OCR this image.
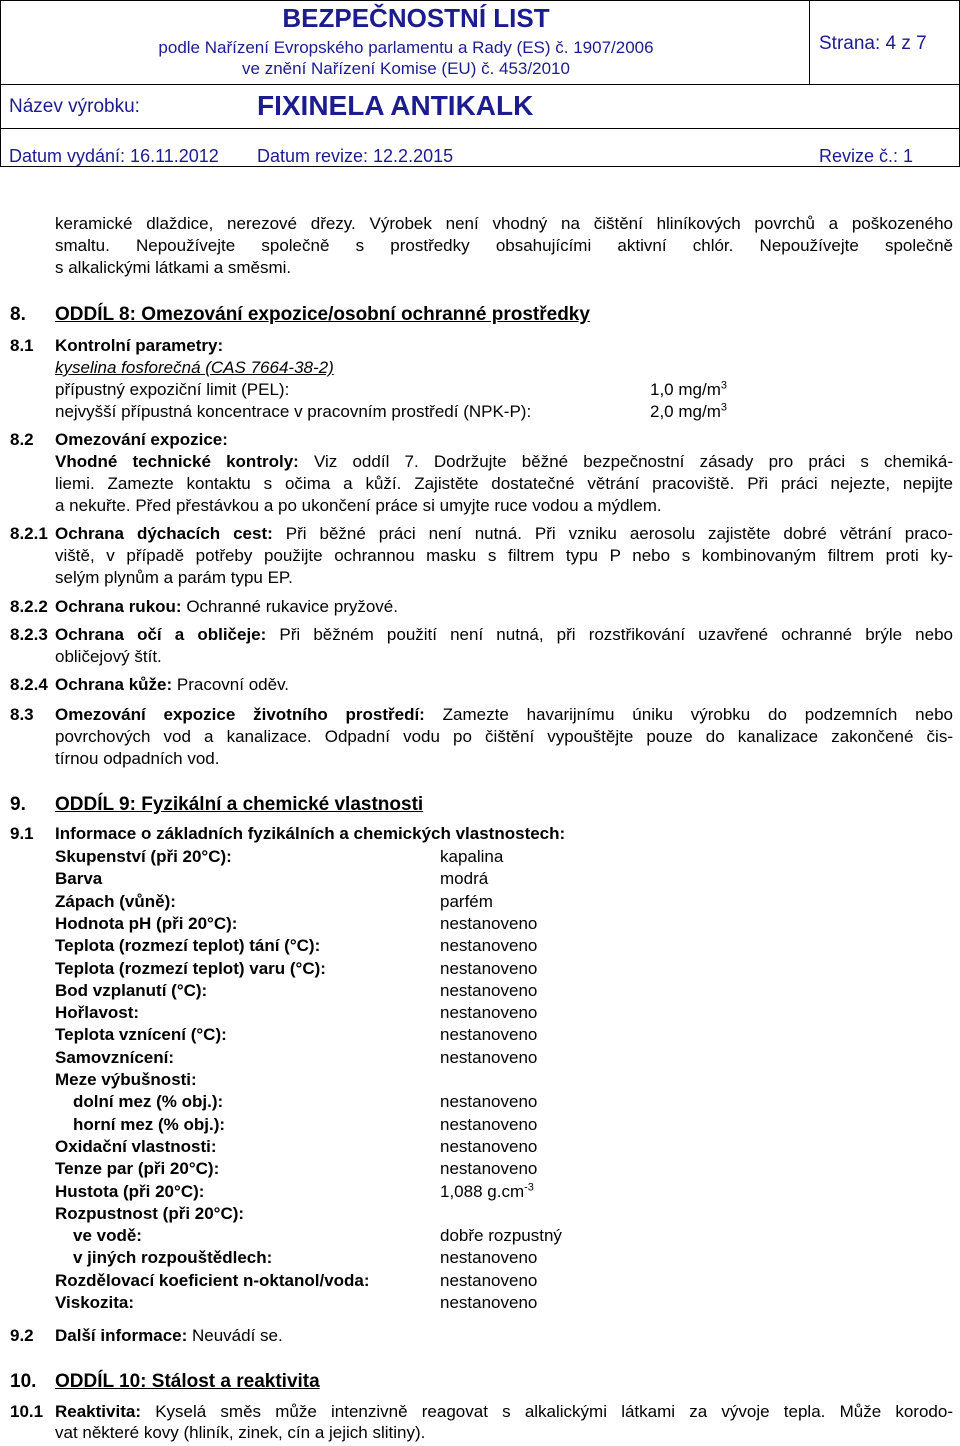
BEZPEČNOSTNÍ LIST
podle Nařízení Evropského parlamentu a Rady (ES) č. 1907/2006
ve znění Nařízení Komise (EU) č. 453/2010
Strana: 4 z 7
Název výrobku:	FIXINELA ANTIKALK
Datum vydání: 16.11.2012 Datum revize: 12.2.2015	Revize č.: 1
keramické dlaždice, nerezové dřezy. Výrobek není vhodný na čištění hliníkových povrchů a poškozeného
smaltu. Nepoužívejte společně s prostředky obsahujícími aktivní chlór. Nepoužívejte společně
s alkalickými látkami a směsmi.
8. ODDÍL 8: Omezování expozice/osobní ochranné prostředky
8.1 Kontrolní parametry:
kyselina fosforečná (CAS 7664-38-2)
přípustný expoziční limit (PEL):	1,0 $mg/m^3$
nejvyšší přípustná koncentrace v pracovním prostředí (NPK-P):	2,0 $mg/m^3$
8.2 Omezování expozice:
Vhodné technické kontroly: Viz oddíl 7. Dodržujte běžné bezpečnostní zásady pro práci s chemiká-
liemi. Zamezte kontaktu s očima a kůží. Zajistěte dostatečné větrání pracoviště. Při práci nejezte, nepijte
a nekuřte. Před přestávkou a po ukončení práce si umyjte ruce vodou a mýdlem.
8.2.1 Ochrana dýchacích cest: Při běžné práci není nutná. Při vzniku aerosolu zajistěte dobré větrání praco-
viště, v případě potřeby použijte ochrannou masku s filtrem typu P nebo s kombinovaným filtrem proti ky-
selým plynům a parám typu EP.
8.2.2 Ochrana rukou: Ochranné rukavice pryžové.
8.2.3 Ochrana očí a obličeje: Při běžném použití není nutná, při rozstřikování uzavřené ochranné brýle nebo
obličejový štít.
8.2.4 Ochrana kůže: Pracovní oděv.
8.3 Omezování expozice životního prostředí: Zamezte havarijnímu úniku výrobku do podzemních nebo
povrchových vod a kanalizace. Odpadní vodu po čištění vypouštějte pouze do kanalizace zakončené čis-
tírnou odpadních vod.
9. ODDÍL 9: Fyzikální a chemické vlastnosti
9.1 Informace o základních fyzikálních a chemických vlastnostech:
Skupenství (při 20°C):	kapalina
Barva	modrá
Zápach (vůně):	parfém
Hodnota pH (při 20°C):	nestanoveno
Teplota (rozmezí teplot) tání (°C):	nestanoveno
Teplota (rozmezí teplot) varu (°C):	nestanoveno
Bod vzplanutí (°C):	nestanoveno
Hořlavost:	nestanoveno
Teplota vznícení (°C):	nestanoveno
Samovznícení:	nestanoveno
Meze výbušnosti:
dolní mez (% obj.):	nestanoveno
horní mez (% obj.):	nestanoveno
Oxidační vlastnosti:	nestanoveno
Tenze par (při 20°C):	nestanoveno
Hustota (při 20°C):	1,088 $g.cm^{-3}$
Rozpustnost (při 20°C):
ve vodě:	dobře rozpustný
v jiných rozpouštědlech:	nestanoveno
Rozdělovací koeficient n-oktanol/voda:	nestanoveno
Viskozita:	nestanoveno
9.2 Další informace: Neuvádí se.
10. ODDÍL 10: Stálost a reaktivita
10.1 Reaktivita: Kyselá směs může intenzivně reagovat s alkalickými látkami za vývoje tepla. Může korodo-
vat některé kovy (hliník, zinek, cín a jejich slitiny).
